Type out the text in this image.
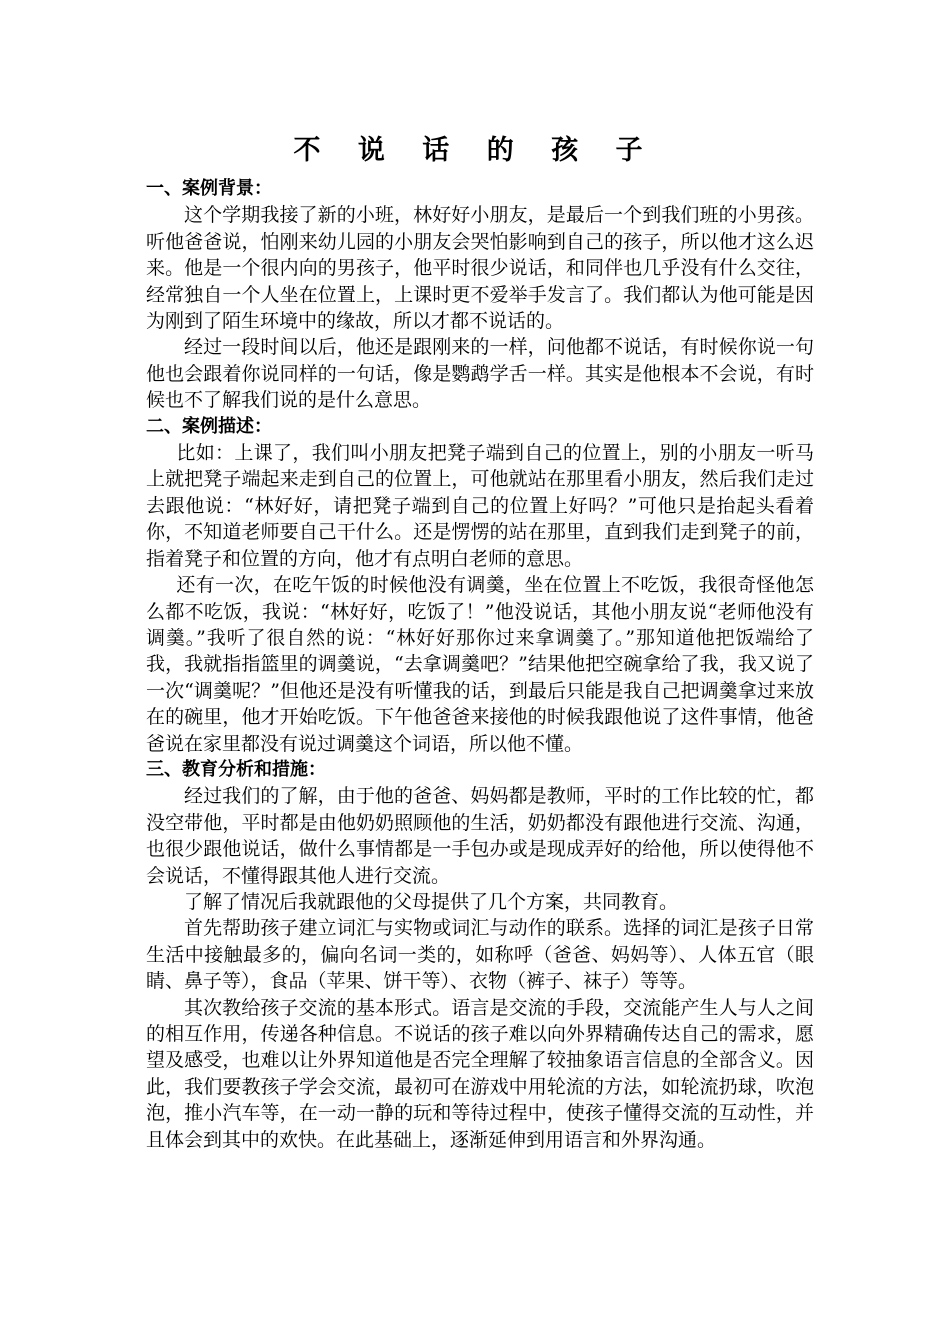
不 说 话 的 孩 子

一、案例背景：

这个学期我接了新的小班，林好好小朋友，是最后一个到我们班的小男孩。听他爸爸说，怕刚来幼儿园的小朋友会哭怕影响到自己的孩子，所以他才这么迟来。他是一个很内向的男孩子，他平时很少说话，和同伴也几乎没有什么交往，经常独自一个人坐在位置上，上课时更不爱举手发言了。我们都认为他可能是因为刚到了陌生环境中的缘故，所以才都不说话的。

经过一段时间以后，他还是跟刚来的一样，问他都不说话，有时候你说一句他也会跟着你说同样的一句话，像是鹦鹉学舌一样。其实是他根本不会说，有时候也不了解我们说的是什么意思。

二、案例描述：

比如：上课了，我们叫小朋友把凳子端到自己的位置上，别的小朋友一听马上就把凳子端起来走到自己的位置上，可他就站在那里看小朋友，然后我们走过去跟他说：“林好好，请把凳子端到自己的位置上好吗？”可他只是抬起头看着你，不知道老师要自己干什么。还是愣愣的站在那里，直到我们走到凳子的前，指着凳子和位置的方向，他才有点明白老师的意思。

还有一次，在吃午饭的时候他没有调羹，坐在位置上不吃饭，我很奇怪他怎么都不吃饭，我说：“林好好，吃饭了！”他没说话，其他小朋友说“老师他没有调羹。”我听了很自然的说：“林好好那你过来拿调羹了。”那知道他把饭端给了我，我就指指篮里的调羹说，“去拿调羹吧？”结果他把空碗拿给了我，我又说了一次“调羹呢？”但他还是没有听懂我的话，到最后只能是我自己把调羹拿过来放在的碗里，他才开始吃饭。下午他爸爸来接他的时候我跟他说了这件事情，他爸爸说在家里都没有说过调羹这个词语，所以他不懂。

三、教育分析和措施：

经过我们的了解，由于他的爸爸、妈妈都是教师，平时的工作比较的忙，都没空带他，平时都是由他奶奶照顾他的生活，奶奶都没有跟他进行交流、沟通，也很少跟他说话，做什么事情都是一手包办或是现成弄好的给他，所以使得他不会说话，不懂得跟其他人进行交流。

了解了情况后我就跟他的父母提供了几个方案，共同教育。

首先帮助孩子建立词汇与实物或词汇与动作的联系。选择的词汇是孩子日常生活中接触最多的，偏向名词一类的，如称呼（爸爸、妈妈等）、人体五官（眼睛、鼻子等），食品（苹果、饼干等）、衣物（裤子、袜子）等等。

其次教给孩子交流的基本形式。语言是交流的手段，交流能产生人与人之间的相互作用，传递各种信息。不说话的孩子难以向外界精确传达自己的需求，愿望及感受，也难以让外界知道他是否完全理解了较抽象语言信息的全部含义。因此，我们要教孩子学会交流，最初可在游戏中用轮流的方法，如轮流扔球，吹泡泡，推小汽车等，在一动一静的玩和等待过程中，使孩子懂得交流的互动性，并且体会到其中的欢快。在此基础上，逐渐延伸到用语言和外界沟通。
